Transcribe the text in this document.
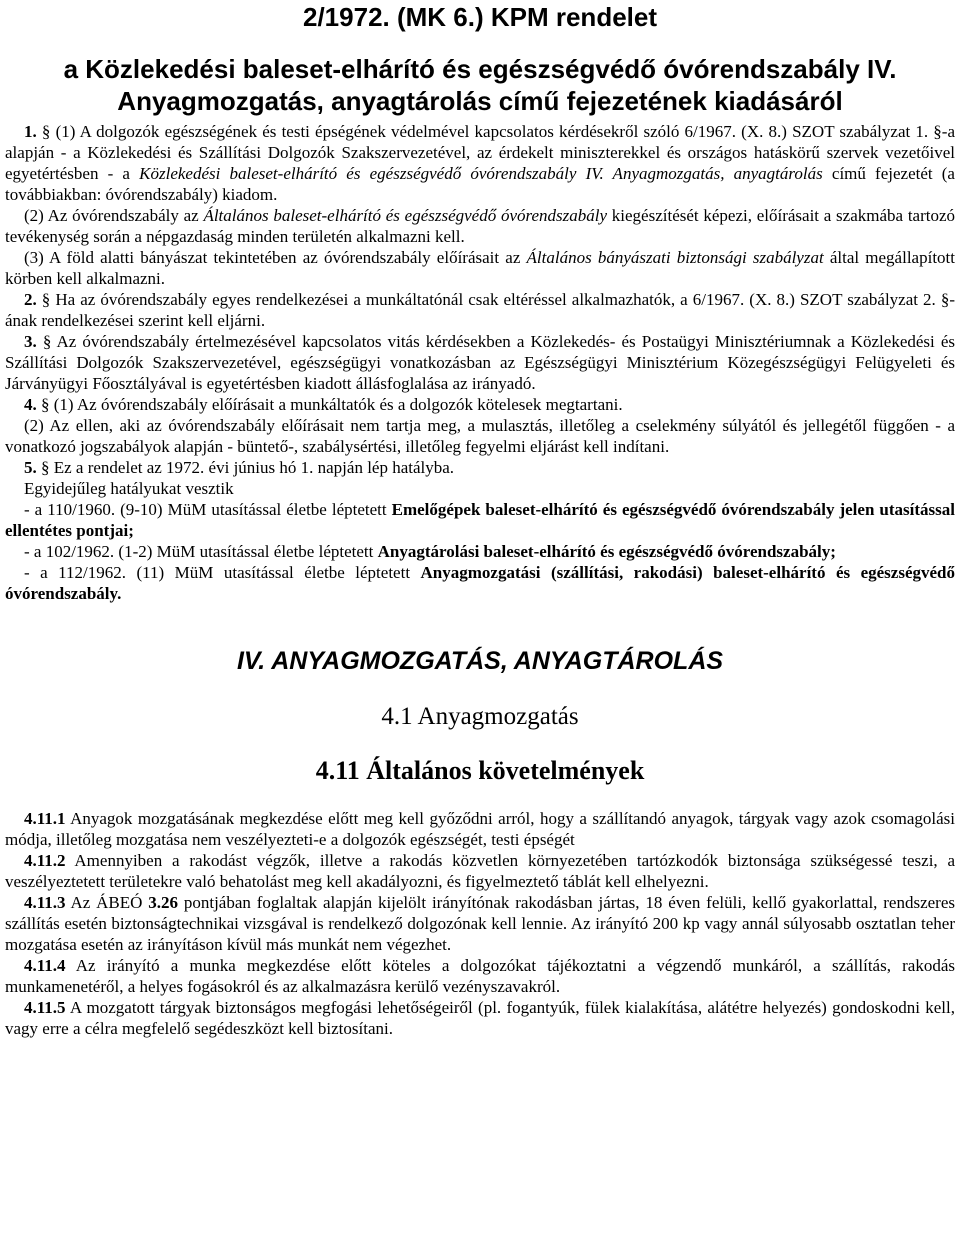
2/1972. (MK 6.) KPM rendelet
a Közlekedési baleset-elhárító és egészségvédő óvórendszabály IV.
Anyagmozgatás, anyagtárolás című fejezetének kiadásáról

1. § (1) A dolgozók egészségének és testi épségének védelmével kapcsolatos kérdésekről szóló 6/1967. (X. 8.) SZOT szabályzat 1. §-a alapján - a Közlekedési és Szállítási Dolgozók Szakszervezetével, az érdekelt miniszterekkel és országos hatáskörű szervek vezetőivel egyetértésben - a Közlekedési baleset-elhárító és egészségvédő óvórendszabály IV. Anyagmozgatás, anyagtárolás című fejezetét (a továbbiakban: óvórendszabály) kiadom.

(2) Az óvórendszabály az Általános baleset-elhárító és egészségvédő óvórendszabály kiegészítését képezi, előírásait a szakmába tartozó tevékenység során a népgazdaság minden területén alkalmazni kell.

(3) A föld alatti bányászat tekintetében az óvórendszabály előírásait az Általános bányászati biztonsági szabályzat által megállapított körben kell alkalmazni.

2. § Ha az óvórendszabály egyes rendelkezései a munkáltatónál csak eltéréssel alkalmazhatók, a 6/1967. (X. 8.) SZOT szabályzat 2. §-ának rendelkezései szerint kell eljárni.

3. § Az óvórendszabály értelmezésével kapcsolatos vitás kérdésekben a Közlekedés- és Postaügyi Minisztériumnak a Közlekedési és Szállítási Dolgozók Szakszervezetével, egészségügyi vonatkozásban az Egészségügyi Minisztérium Közegészségügyi Felügyeleti és Járványügyi Főosztályával is egyetértésben kiadott állásfoglalása az irányadó.

4. § (1) Az óvórendszabály előírásait a munkáltatók és a dolgozók kötelesek megtartani.

(2) Az ellen, aki az óvórendszabály előírásait nem tartja meg, a mulasztás, illetőleg a cselekmény súlyától és jellegétől függően - a vonatkozó jogszabályok alapján - büntető-, szabálysértési, illetőleg fegyelmi eljárást kell indítani.

5. § Ez a rendelet az 1972. évi június hó 1. napján lép hatályba.

Egyidejűleg hatályukat vesztik

- a 110/1960. (9-10) MüM utasítással életbe léptetett Emelőgépek baleset-elhárító és egészségvédő óvórendszabály jelen utasítással ellentétes pontjai;

- a 102/1962. (1-2) MüM utasítással életbe léptetett Anyagtárolási baleset-elhárító és egészségvédő óvórendszabály;

- a 112/1962. (11) MüM utasítással életbe léptetett Anyagmozgatási (szállítási, rakodási) baleset-elhárító és egészségvédő óvórendszabály.

IV. ANYAGMOZGATÁS, ANYAGTÁROLÁS
4.1 Anyagmozgatás
4.11 Általános követelmények

4.11.1 Anyagok mozgatásának megkezdése előtt meg kell győződni arról, hogy a szállítandó anyagok, tárgyak vagy azok csomagolási módja, illetőleg mozgatása nem veszélyezteti-e a dolgozók egészségét, testi épségét

4.11.2 Amennyiben a rakodást végzők, illetve a rakodás közvetlen környezetében tartózkodók biztonsága szükségessé teszi, a veszélyeztetett területekre való behatolást meg kell akadályozni, és figyelmeztető táblát kell elhelyezni.

4.11.3 Az ÁBEÓ 3.26 pontjában foglaltak alapján kijelölt irányítónak rakodásban jártas, 18 éven felüli, kellő gyakorlattal, rendszeres szállítás esetén biztonságtechnikai vizsgával is rendelkező dolgozónak kell lennie. Az irányító 200 kp vagy annál súlyosabb osztatlan teher mozgatása esetén az irányításon kívül más munkát nem végezhet.

4.11.4 Az irányító a munka megkezdése előtt köteles a dolgozókat tájékoztatni a végzendő munkáról, a szállítás, rakodás munkamenetéről, a helyes fogásokról és az alkalmazásra kerülő vezényszavakról.

4.11.5 A mozgatott tárgyak biztonságos megfogási lehetőségeiről (pl. fogantyúk, fülek kialakítása, alátétre helyezés) gondoskodni kell, vagy erre a célra megfelelő segédeszközt kell biztosítani.
